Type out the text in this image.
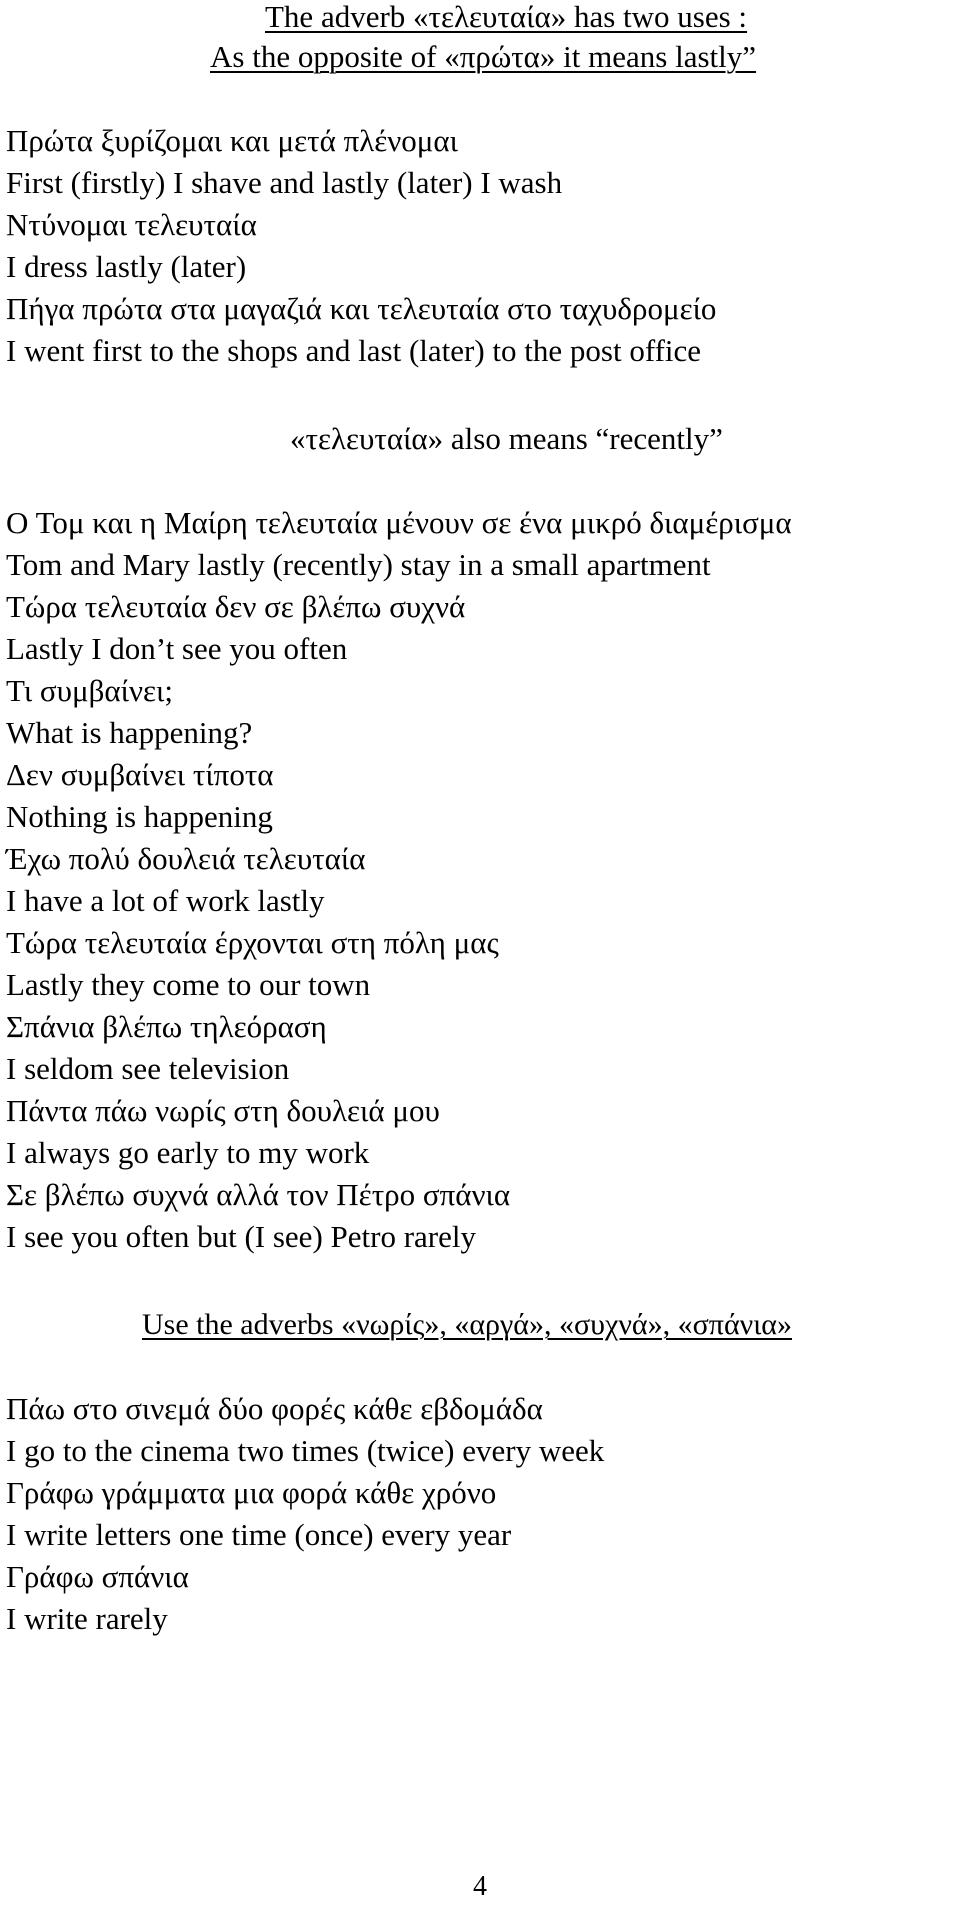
The adverb «τελευταία» has two uses :
As the opposite of «πρώτα» it means lastly”
Πρώτα ξυρίζομαι και μετά πλένομαι
First (firstly) I shave and lastly (later) I wash
Ντύνομαι τελευταία
I dress lastly (later)
Πήγα πρώτα στα μαγαζιά και τελευταία στο ταχυδρομείο
I went first to the shops and last (later) to the post office
«τελευταία» also means “recently”
Ο Τομ και η Μαίρη τελευταία μένουν σε ένα μικρό διαμέρισμα
Tom and Mary lastly (recently) stay in a small apartment
Τώρα τελευταία δεν σε βλέπω συχνά
Lastly I don’t see you often
Τι συμβαίνει;
What is happening?
Δεν συμβαίνει τίποτα
Nothing is happening
Έχω πολύ δουλειά τελευταία
I have a lot of work lastly
Τώρα τελευταία έρχονται στη πόλη μας
Lastly they come to our town
Σπάνια βλέπω τηλεόραση
I seldom see television
Πάντα πάω νωρίς στη δουλειά μου
I always go early to my work
Σε βλέπω συχνά αλλά τον Πέτρο σπάνια
I see you often but (I see) Petro rarely
Use the adverbs «νωρίς», «αργά», «συχνά», «σπάνια»
Πάω στο σινεμά δύο φορές κάθε εβδομάδα
I go to the cinema two times (twice) every week
Γράφω γράμματα μια φορά κάθε χρόνο
I write letters one time (once) every year
Γράφω σπάνια
I write rarely
4
